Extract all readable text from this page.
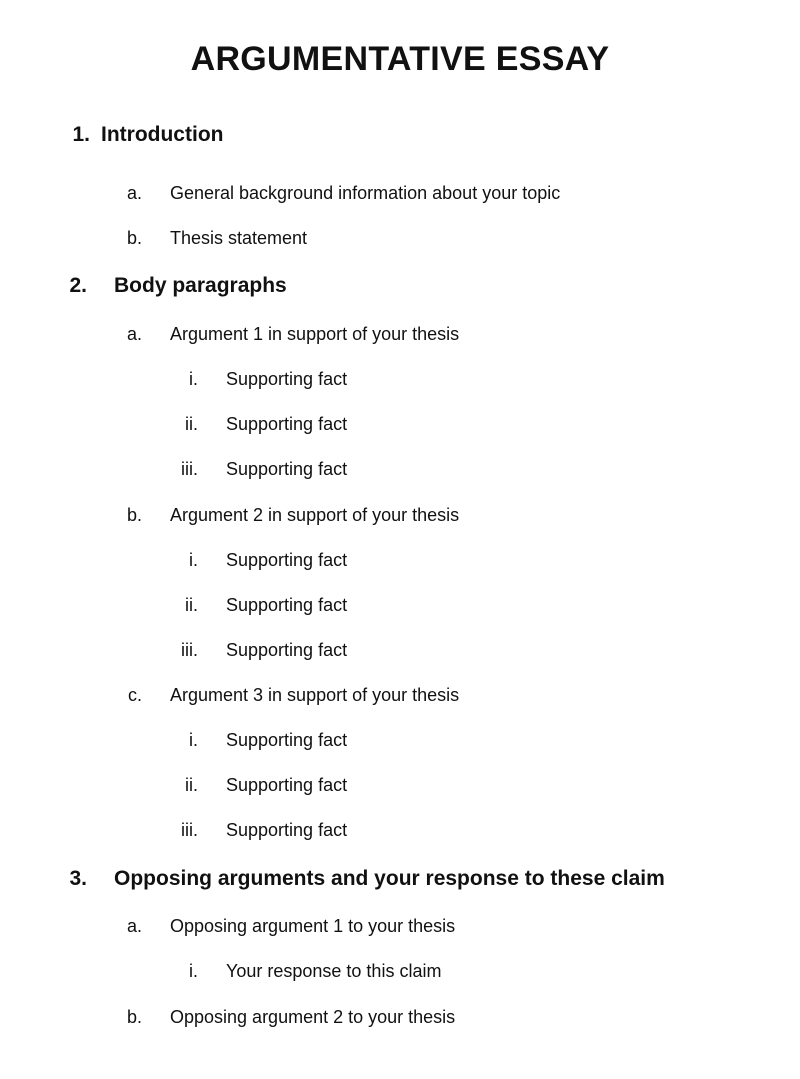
ARGUMENTATIVE ESSAY
1. Introduction
a. General background information about your topic
b. Thesis statement
2. Body paragraphs
a. Argument 1 in support of your thesis
i. Supporting fact
ii. Supporting fact
iii. Supporting fact
b. Argument 2 in support of your thesis
i. Supporting fact
ii. Supporting fact
iii. Supporting fact
c. Argument 3 in support of your thesis
i. Supporting fact
ii. Supporting fact
iii. Supporting fact
3. Opposing arguments and your response to these claim
a. Opposing argument 1 to your thesis
i. Your response to this claim
b. Opposing argument 2 to your thesis
